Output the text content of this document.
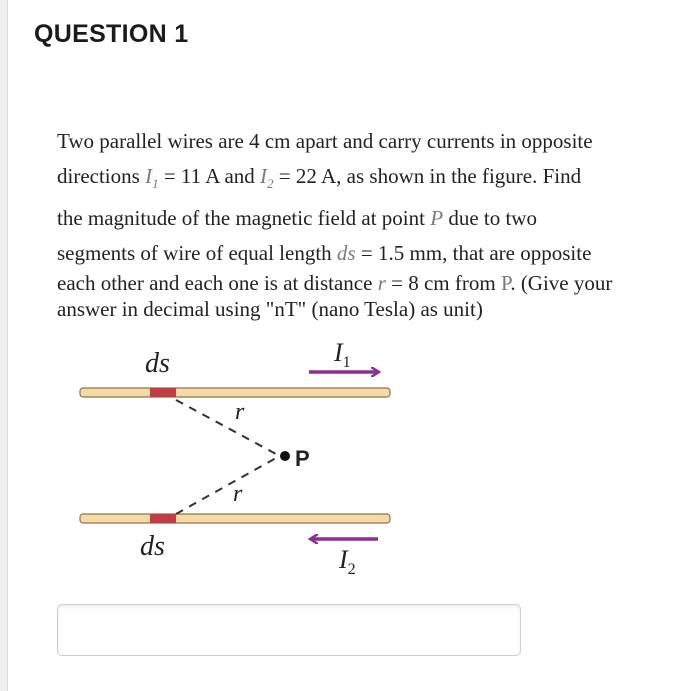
QUESTION 1
Two parallel wires are 4 cm apart and carry currents in opposite
directions $I_1 = 11$ A and $I_2 = 22$ A, as shown in the figure. Find
the magnitude of the magnetic field at point P due to two
segments of wire of equal length ds = 1.5 mm, that are opposite
each other and each one is at distance r = 8 cm from P. (Give your
answer in decimal using "nT" (nano Tesla) as unit)
P
r
r
ds
ds
$I_1$
$I_2$
